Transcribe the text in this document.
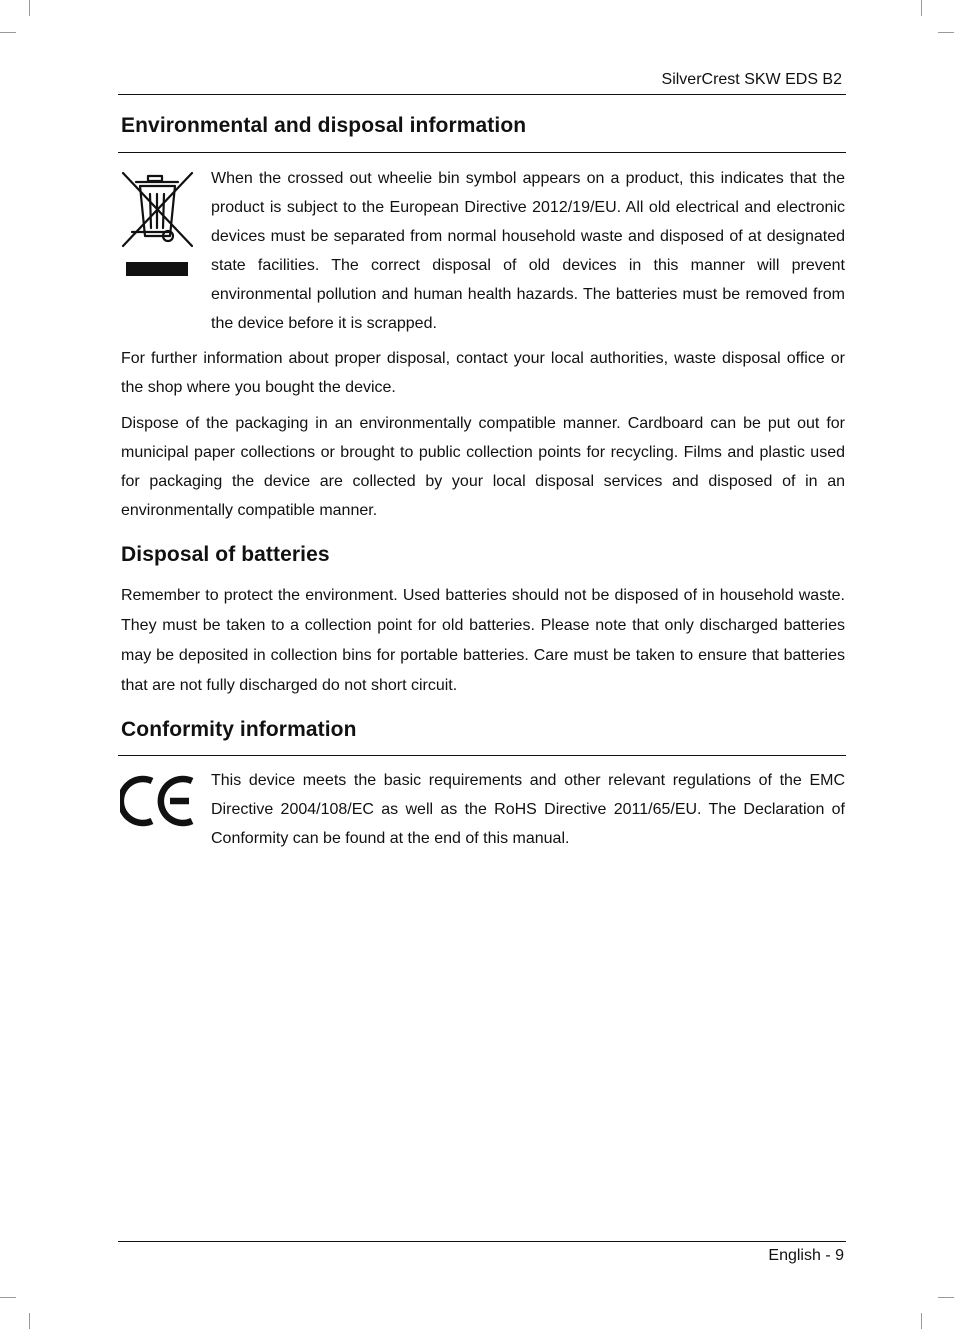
SilverCrest SKW EDS B2
Environmental and disposal information

When the crossed out wheelie bin symbol appears on a product, this indicates that the product is subject to the European Directive 2012/19/EU. All old electrical and electronic devices must be separated from normal household waste and disposed of at designated state facilities. The correct disposal of old devices in this manner will prevent environmental pollution and human health hazards. The batteries must be removed from the device before it is scrapped.

For further information about proper disposal, contact your local authorities, waste disposal office or the shop where you bought the device.

Dispose of the packaging in an environmentally compatible manner. Cardboard can be put out for municipal paper collections or brought to public collection points for recycling. Films and plastic used for packaging the device are collected by your local disposal services and disposed of in an environmentally compatible manner.

Disposal of batteries

Remember to protect the environment. Used batteries should not be disposed of in household waste. They must be taken to a collection point for old batteries. Please note that only discharged batteries may be deposited in collection bins for portable batteries. Care must be taken to ensure that batteries that are not fully discharged do not short circuit.

Conformity information

This device meets the basic requirements and other relevant regulations of the EMC Directive 2004/108/EC as well as the RoHS Directive 2011/65/EU. The Declaration of Conformity can be found at the end of this manual.

English - 9
